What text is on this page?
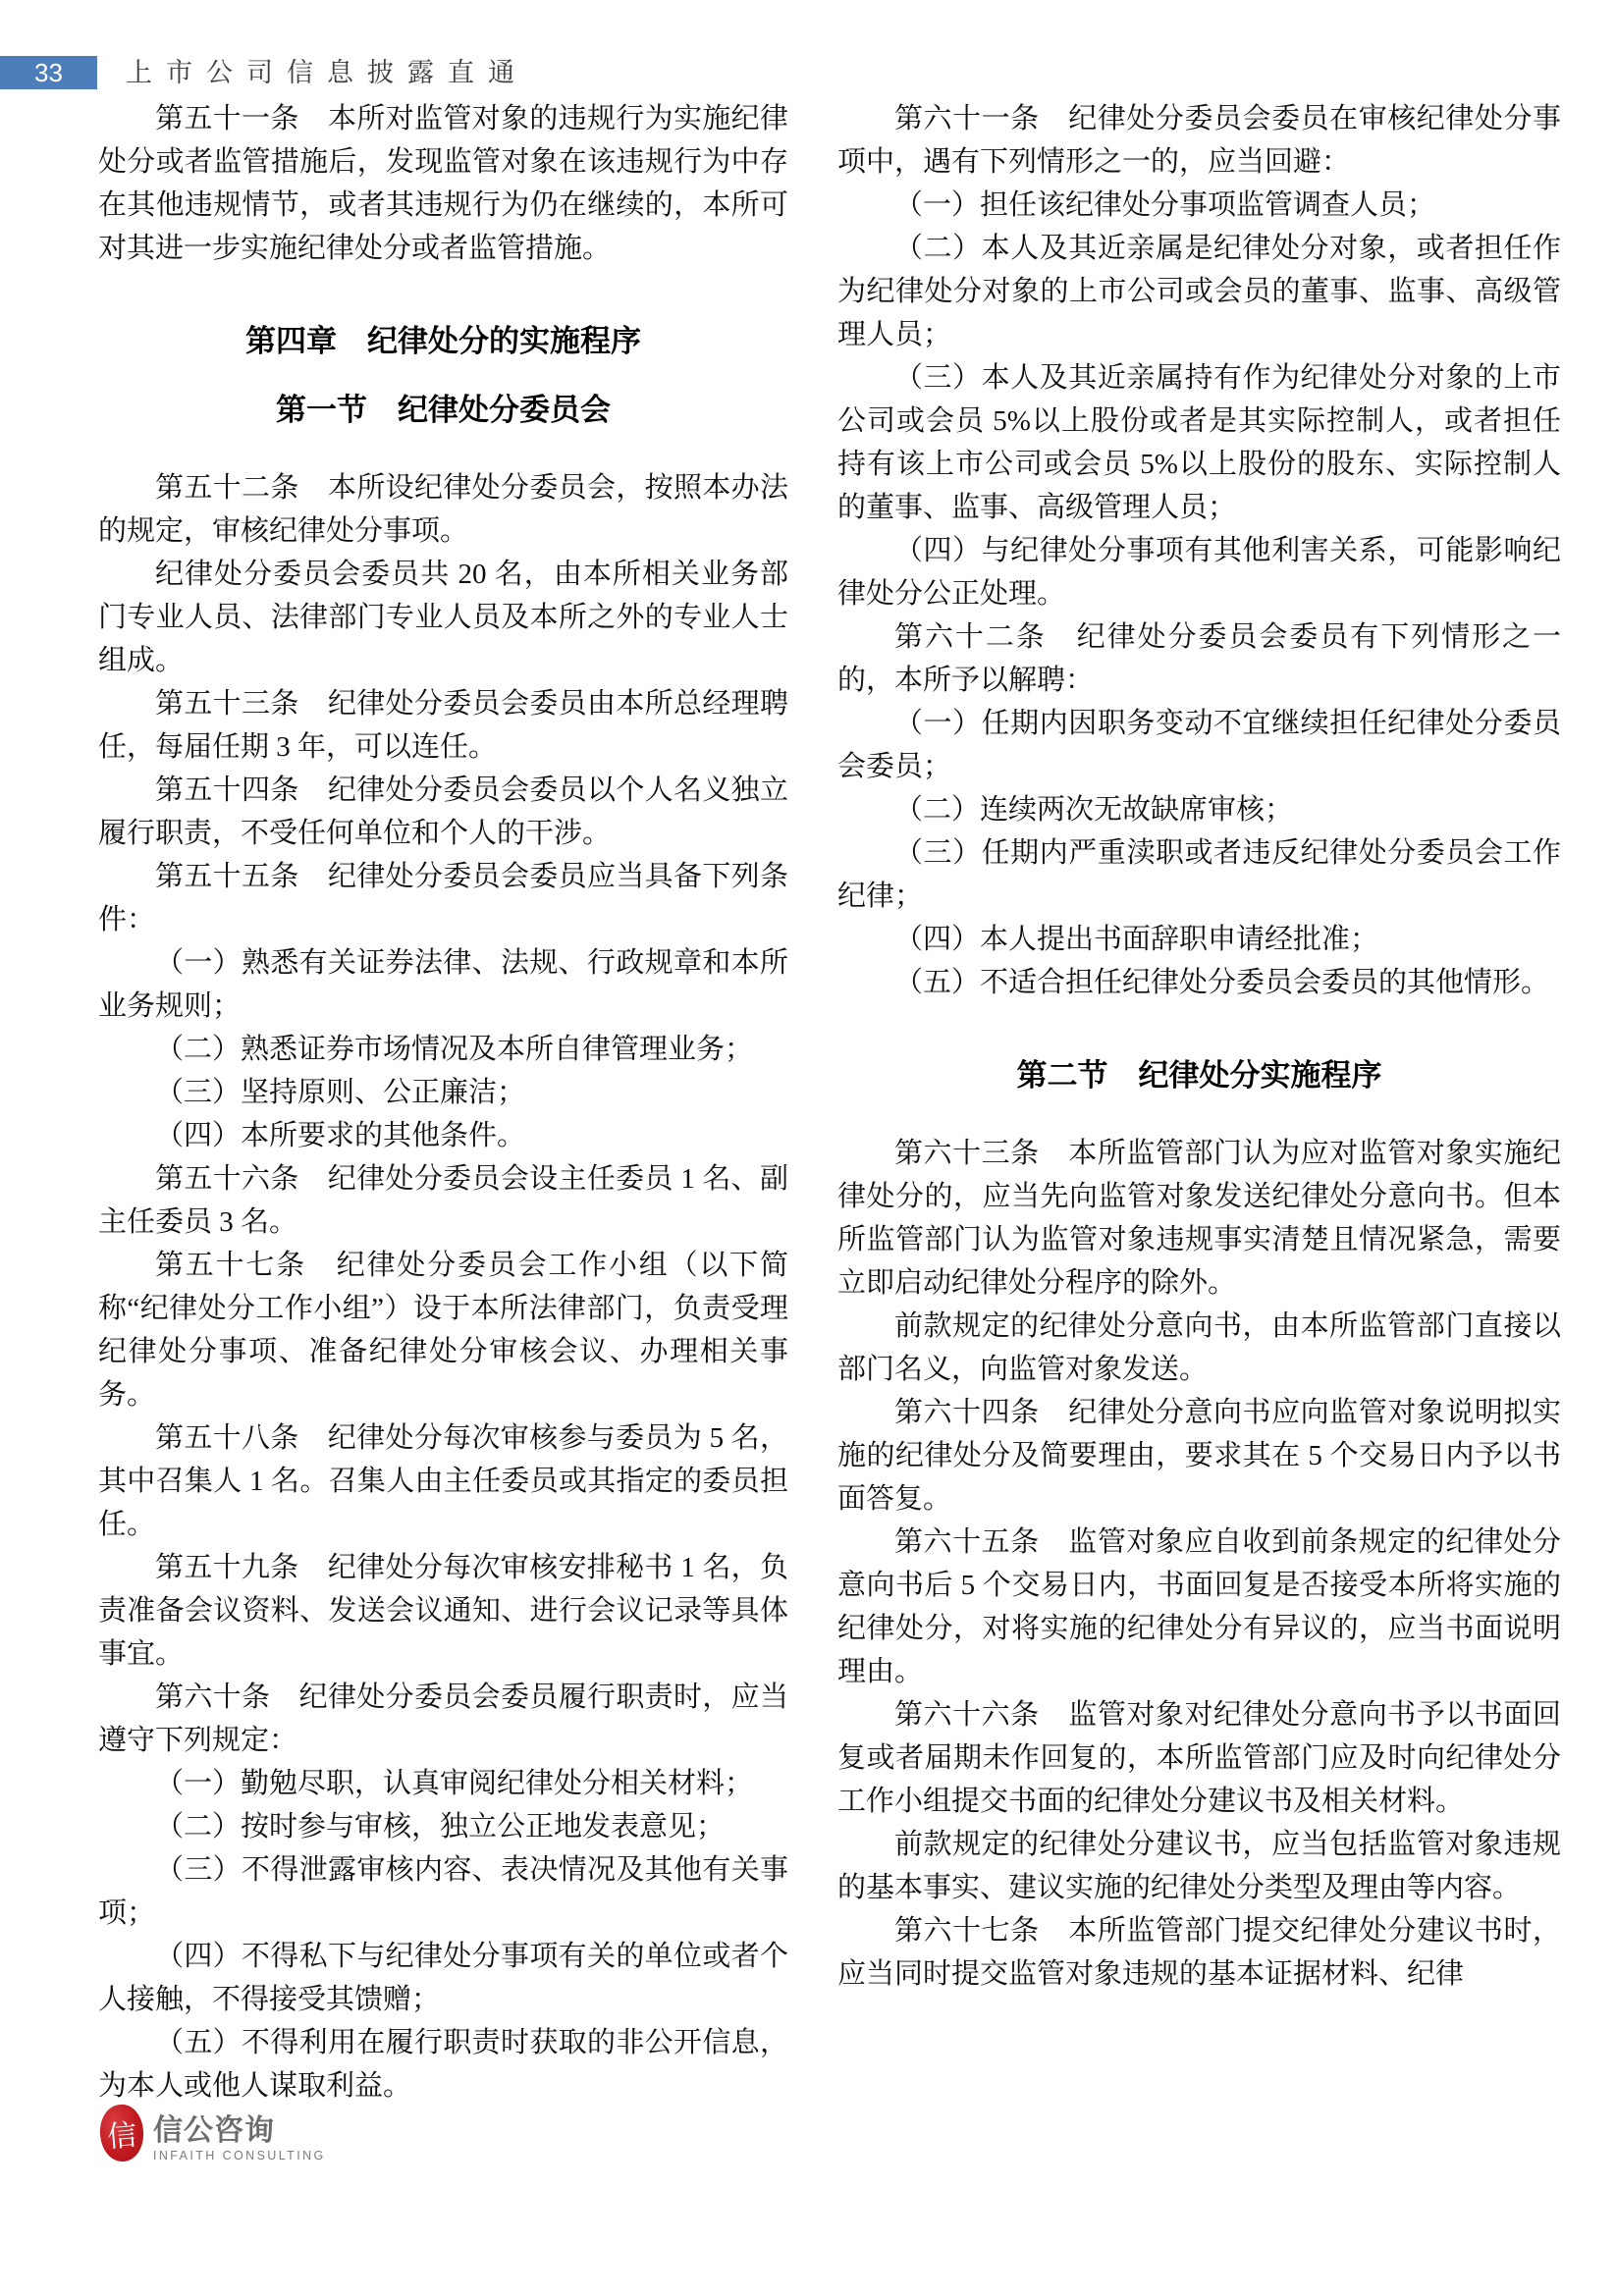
33	上市公司信息披露直通
第五十一条　本所对监管对象的违规行为实施纪律处分或者监管措施后，发现监管对象在该违规行为中存在其他违规情节，或者其违规行为仍在继续的，本所可对其进一步实施纪律处分或者监管措施。
第四章　纪律处分的实施程序
第一节　纪律处分委员会
第五十二条　本所设纪律处分委员会，按照本办法的规定，审核纪律处分事项。
纪律处分委员会委员共 20 名，由本所相关业务部门专业人员、法律部门专业人员及本所之外的专业人士组成。
第五十三条　纪律处分委员会委员由本所总经理聘任，每届任期 3 年，可以连任。
第五十四条　纪律处分委员会委员以个人名义独立履行职责，不受任何单位和个人的干涉。
第五十五条　纪律处分委员会委员应当具备下列条件：
（一）熟悉有关证券法律、法规、行政规章和本所业务规则；
（二）熟悉证券市场情况及本所自律管理业务；
（三）坚持原则、公正廉洁；
（四）本所要求的其他条件。
第五十六条　纪律处分委员会设主任委员 1 名、副主任委员 3 名。
第五十七条　纪律处分委员会工作小组（以下简称“纪律处分工作小组”）设于本所法律部门，负责受理纪律处分事项、准备纪律处分审核会议、办理相关事务。
第五十八条　纪律处分每次审核参与委员为 5 名，其中召集人 1 名。召集人由主任委员或其指定的委员担任。
第五十九条　纪律处分每次审核安排秘书 1 名，负责准备会议资料、发送会议通知、进行会议记录等具体事宜。
第六十条　纪律处分委员会委员履行职责时，应当遵守下列规定：
（一）勤勉尽职，认真审阅纪律处分相关材料；
（二）按时参与审核，独立公正地发表意见；
（三）不得泄露审核内容、表决情况及其他有关事项；
（四）不得私下与纪律处分事项有关的单位或者个人接触，不得接受其馈赠；
（五）不得利用在履行职责时获取的非公开信息，为本人或他人谋取利益。
第六十一条　纪律处分委员会委员在审核纪律处分事项中，遇有下列情形之一的，应当回避：
（一）担任该纪律处分事项监管调查人员；
（二）本人及其近亲属是纪律处分对象，或者担任作为纪律处分对象的上市公司或会员的董事、监事、高级管理人员；
（三）本人及其近亲属持有作为纪律处分对象的上市公司或会员 5%以上股份或者是其实际控制人，或者担任持有该上市公司或会员 5%以上股份的股东、实际控制人的董事、监事、高级管理人员；
（四）与纪律处分事项有其他利害关系，可能影响纪律处分公正处理。
第六十二条　纪律处分委员会委员有下列情形之一的，本所予以解聘：
（一）任期内因职务变动不宜继续担任纪律处分委员会委员；
（二）连续两次无故缺席审核；
（三）任期内严重渎职或者违反纪律处分委员会工作纪律；
（四）本人提出书面辞职申请经批准；
（五）不适合担任纪律处分委员会委员的其他情形。
第二节　纪律处分实施程序
第六十三条　本所监管部门认为应对监管对象实施纪律处分的，应当先向监管对象发送纪律处分意向书。但本所监管部门认为监管对象违规事实清楚且情况紧急，需要立即启动纪律处分程序的除外。
前款规定的纪律处分意向书，由本所监管部门直接以部门名义，向监管对象发送。
第六十四条　纪律处分意向书应向监管对象说明拟实施的纪律处分及简要理由，要求其在 5 个交易日内予以书面答复。
第六十五条　监管对象应自收到前条规定的纪律处分意向书后 5 个交易日内，书面回复是否接受本所将实施的纪律处分，对将实施的纪律处分有异议的，应当书面说明理由。
第六十六条　监管对象对纪律处分意向书予以书面回复或者届期未作回复的，本所监管部门应及时向纪律处分工作小组提交书面的纪律处分建议书及相关材料。
前款规定的纪律处分建议书，应当包括监管对象违规的基本事实、建议实施的纪律处分类型及理由等内容。
第六十七条　本所监管部门提交纪律处分建议书时，应当同时提交监管对象违规的基本证据材料、纪律
信 信公咨询
INFAITH CONSULTING
